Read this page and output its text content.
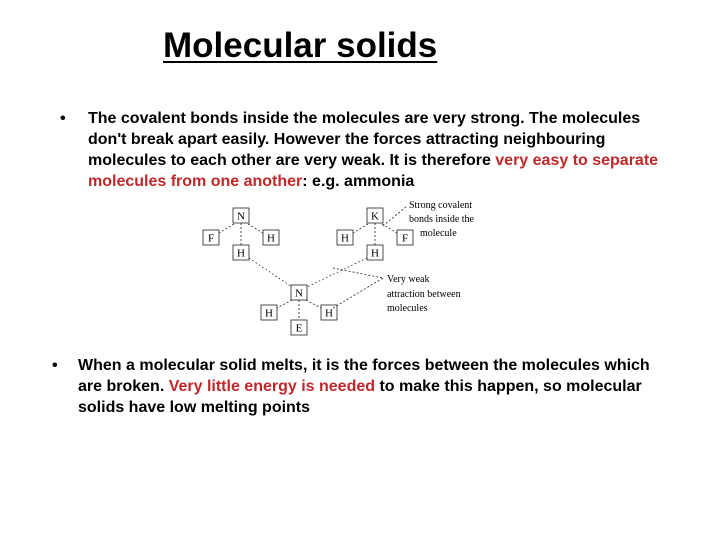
Molecular solids
• The covalent bonds inside the molecules are very strong. The molecules don't break apart easily. However the forces attracting neighbouring molecules to each other are very weak. It is therefore very easy to separate molecules from one another: e.g. ammonia
N
F	H
H
K
H	F
H
N
H	H
E
Strong covalent
bonds inside the
molecule
Very weak
attraction between
molecules
• When a molecular solid melts, it is the forces between the molecules which are broken. Very little energy is needed to make this happen, so molecular solids have low melting points
